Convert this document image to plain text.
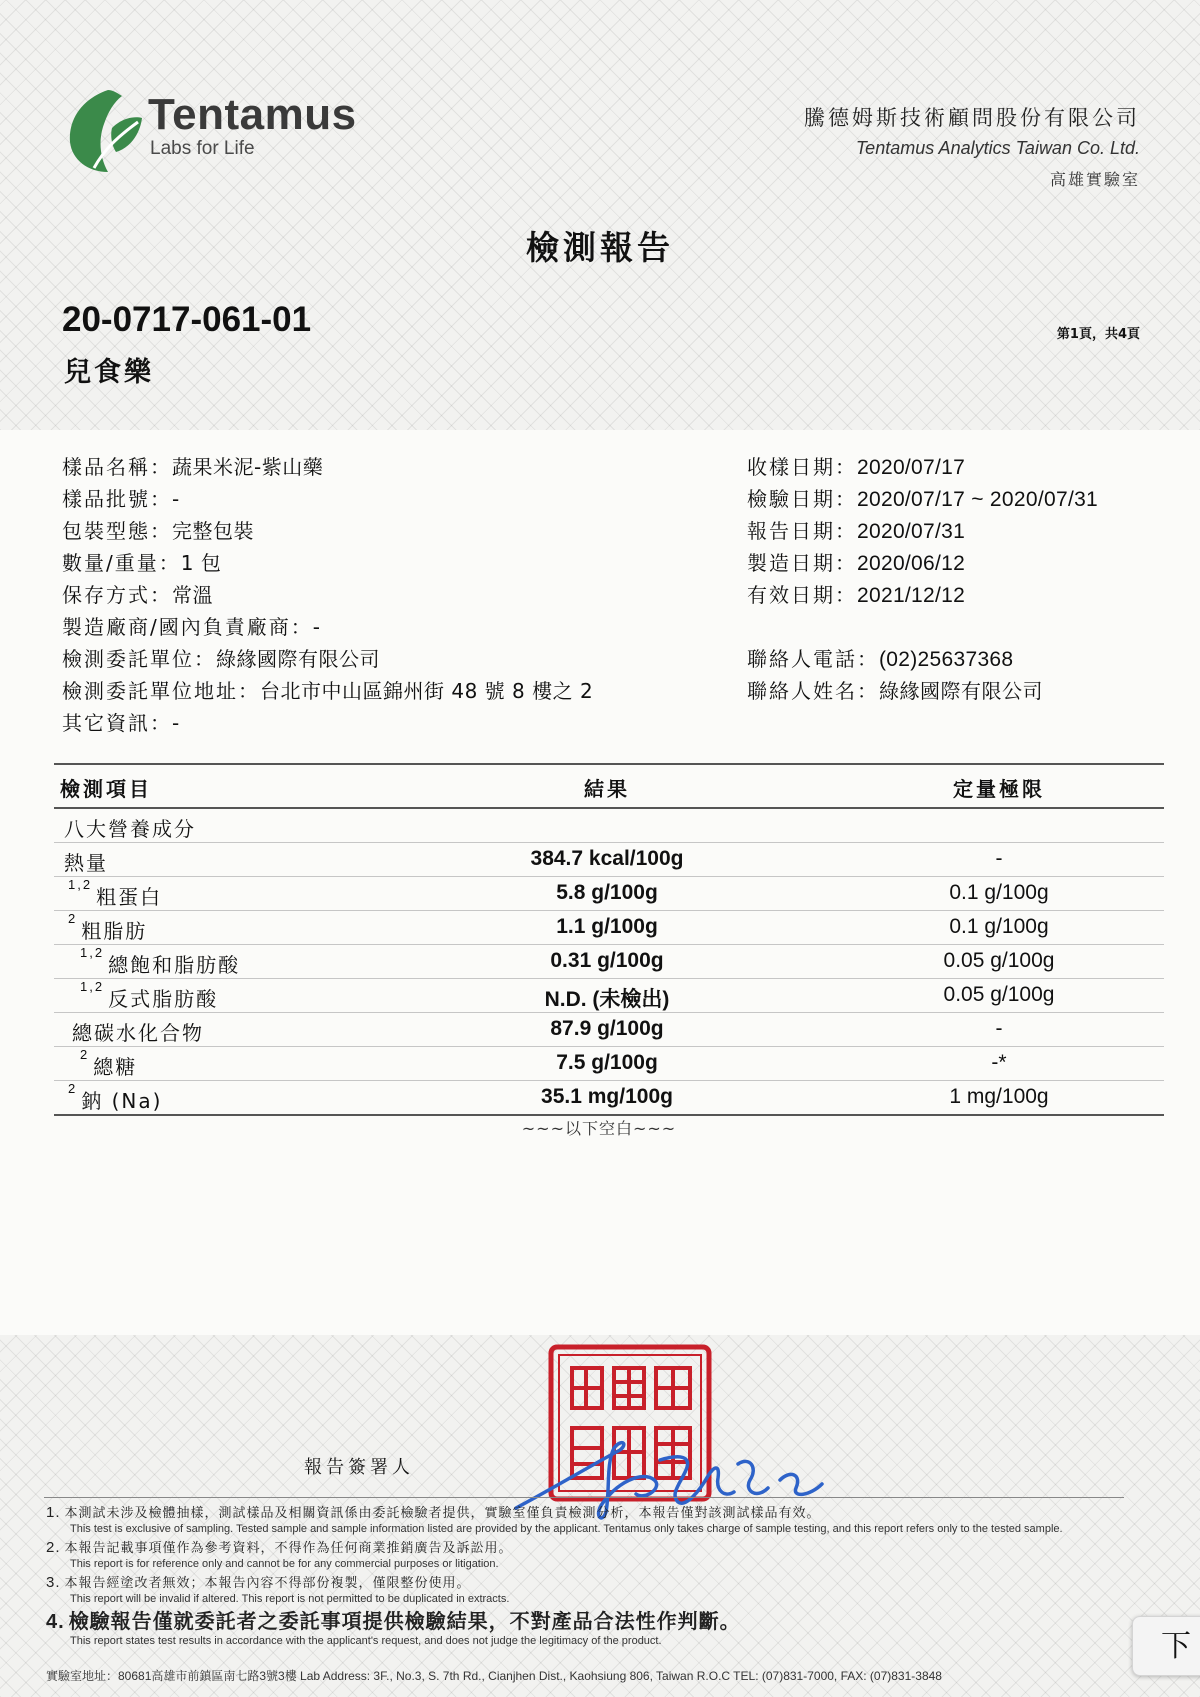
Tentamus
Labs for Life
騰德姆斯技術顧問股份有限公司
Tentamus Analytics Taiwan Co. Ltd.
高雄實驗室
檢測報告
20-0717-061-01
兒食樂
第1頁，共4頁
樣品名稱：蔬果米泥-紫山藥
樣品批號：-
包裝型態：完整包裝
數量/重量：1 包
保存方式：常溫
製造廠商/國內負責廠商：-
檢測委託單位：綠緣國際有限公司
檢測委託單位地址：台北市中山區錦州街 48 號 8 樓之 2
其它資訊：-
收樣日期：2020/07/17
檢驗日期：2020/07/17 ~ 2020/07/31
報告日期：2020/07/31
製造日期：2020/06/12
有效日期：2021/12/12
聯絡人電話：(02)25637368
聯絡人姓名：綠緣國際有限公司
檢測項目	結果	定量極限
八大營養成分
熱量	384.7 kcal/100g	-
$^{1,2}$粗蛋白	5.8 g/100g	0.1 g/100g
$^2$粗脂肪	1.1 g/100g	0.1 g/100g
$^{1,2}$總飽和脂肪酸	0.31 g/100g	0.05 g/100g
$^{1,2}$反式脂肪酸	N.D. (未檢出)	0.05 g/100g
總碳水化合物	87.9 g/100g	-
$^2$總糖	7.5 g/100g	-*
$^2$鈉 (Na)	35.1 mg/100g	1 mg/100g
~~~以下空白~~~
報告簽署人
1. 本測試未涉及檢體抽樣，測試樣品及相關資訊係由委託檢驗者提供，實驗室僅負責檢測分析，本報告僅對該測試樣品有效。
This test is exclusive of sampling. Tested sample and sample information listed are provided by the applicant. Tentamus only takes charge of sample testing, and this report refers only to the tested sample.
2. 本報告記載事項僅作為參考資料，不得作為任何商業推銷廣告及訴訟用。
This report is for reference only and cannot be for any commercial purposes or litigation.
3. 本報告經塗改者無效；本報告內容不得部份複製，僅限整份使用。
This report will be invalid if altered. This report is not permitted to be duplicated in extracts.
4. 檢驗報告僅就委託者之委託事項提供檢驗結果，不對產品合法性作判斷。
This report states test results in accordance with the applicant's request, and does not judge the legitimacy of the product.
實驗室地址：80681高雄市前鎮區南七路3號3樓 Lab Address: 3F., No.3, S. 7th Rd., Cianjhen Dist., Kaohsiung 806, Taiwan R.O.C TEL: (07)831-7000, FAX: (07)831-3848
下
